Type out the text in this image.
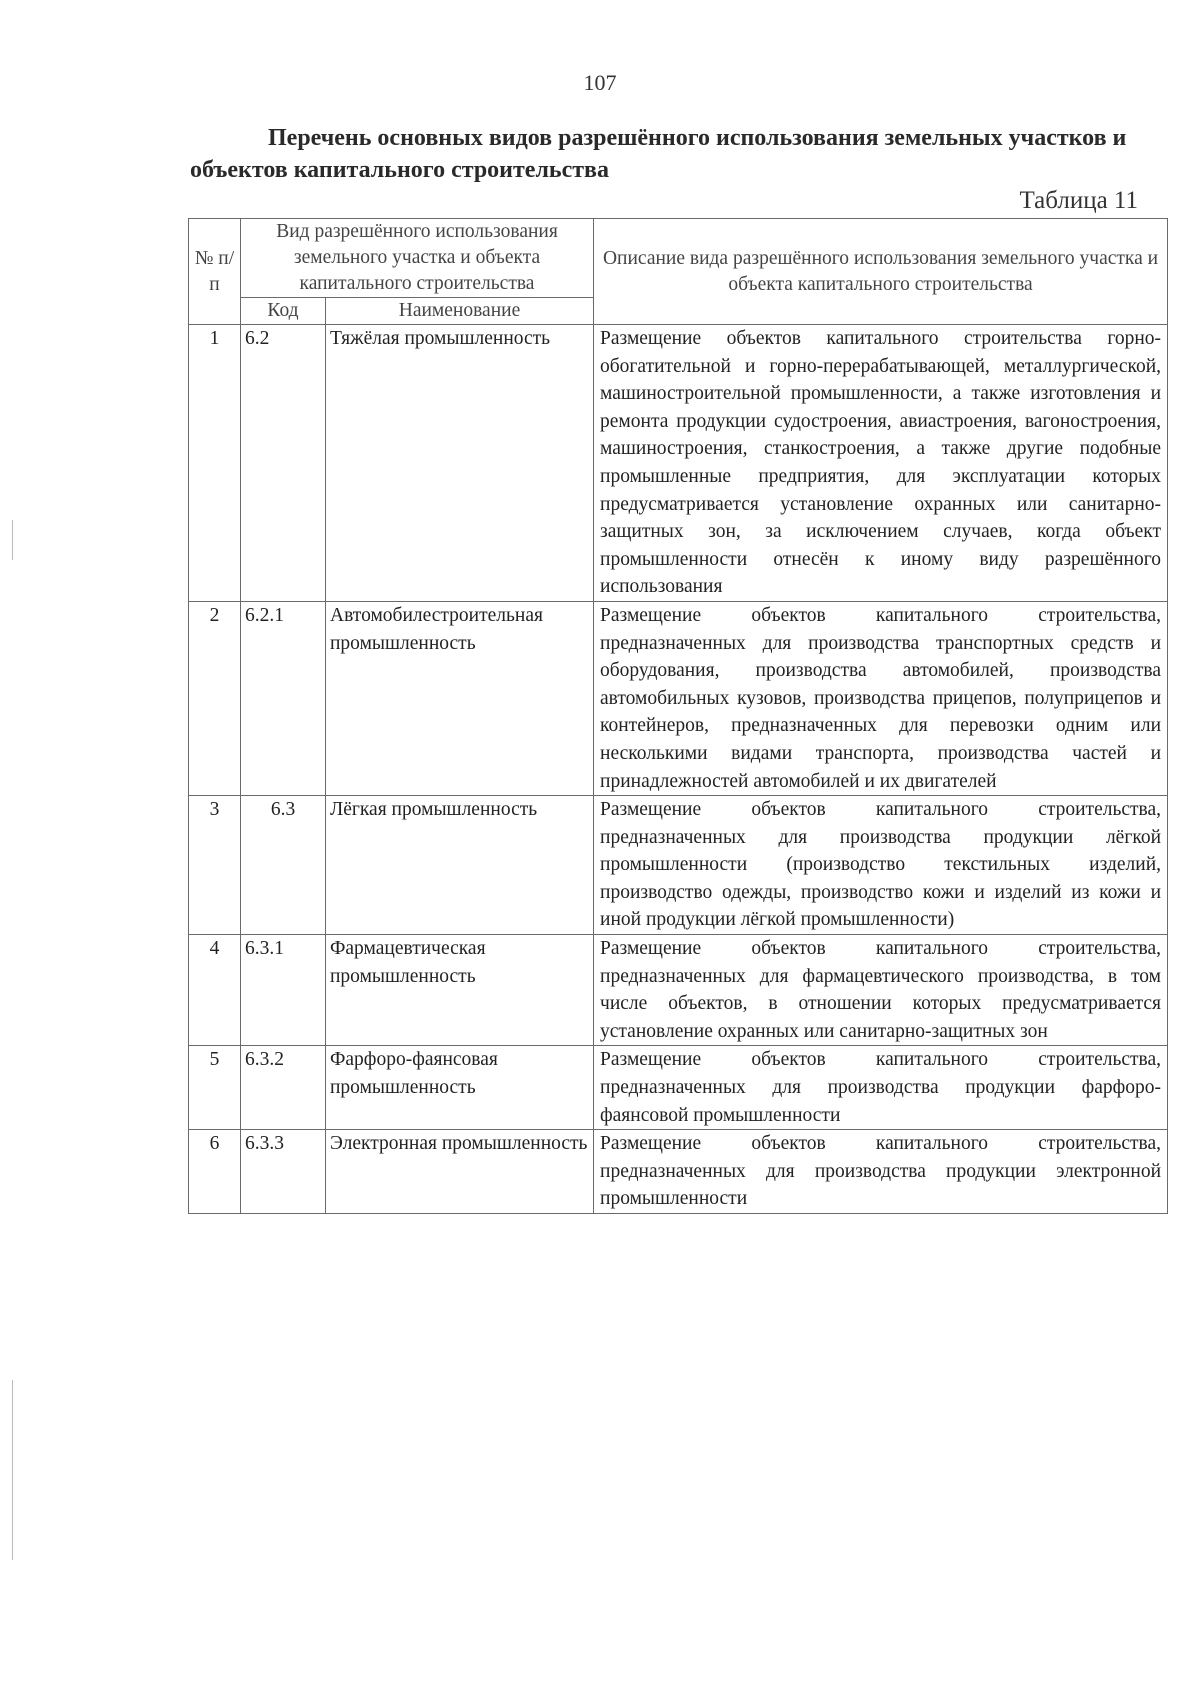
107
Перечень основных видов разрешённого использования земельных участков и объектов капитального строительства
Таблица 11
№ п/п	Вид разрешённого использования земельного участка и объекта капитального строительства		Описание вида разрешённого использования земельного участка и объекта капитального строительства
	Код	Наименование	
1	6.2	Тяжёлая промышленность	Размещение объектов капитального строительства горно-обогатительной и горно-перерабатывающей, металлургической, машиностроительной промышленности, а также изготовления и ремонта продукции судостроения, авиастроения, вагоностроения, машиностроения, станкостроения, а также другие подобные промышленные предприятия, для эксплуатации которых предусматривается установление охранных или санитарно-защитных зон, за исключением случаев, когда объект промышленности отнесён к иному виду разрешённого использования
2	6.2.1	Автомобилестроительная промышленность	Размещение объектов капитального строительства, предназначенных для производства транспортных средств и оборудования, производства автомобилей, производства автомобильных кузовов, производства прицепов, полуприцепов и контейнеров, предназначенных для перевозки одним или несколькими видами транспорта, производства частей и принадлежностей автомобилей и их двигателей
3	6.3	Лёгкая промышленность	Размещение объектов капитального строительства, предназначенных для производства продукции лёгкой промышленности (производство текстильных изделий, производство одежды, производство кожи и изделий из кожи и иной продукции лёгкой промышленности)
4	6.3.1	Фармацевтическая промышленность	Размещение объектов капитального строительства, предназначенных для фармацевтического производства, в том числе объектов, в отношении которых предусматривается установление охранных или санитарно-защитных зон
5	6.3.2	Фарфоро-фаянсовая промышленность	Размещение объектов капитального строительства, предназначенных для производства продукции фарфоро-фаянсовой промышленности
6	6.3.3	Электронная промышленность	Размещение объектов капитального строительства, предназначенных для производства продукции электронной промышленности
